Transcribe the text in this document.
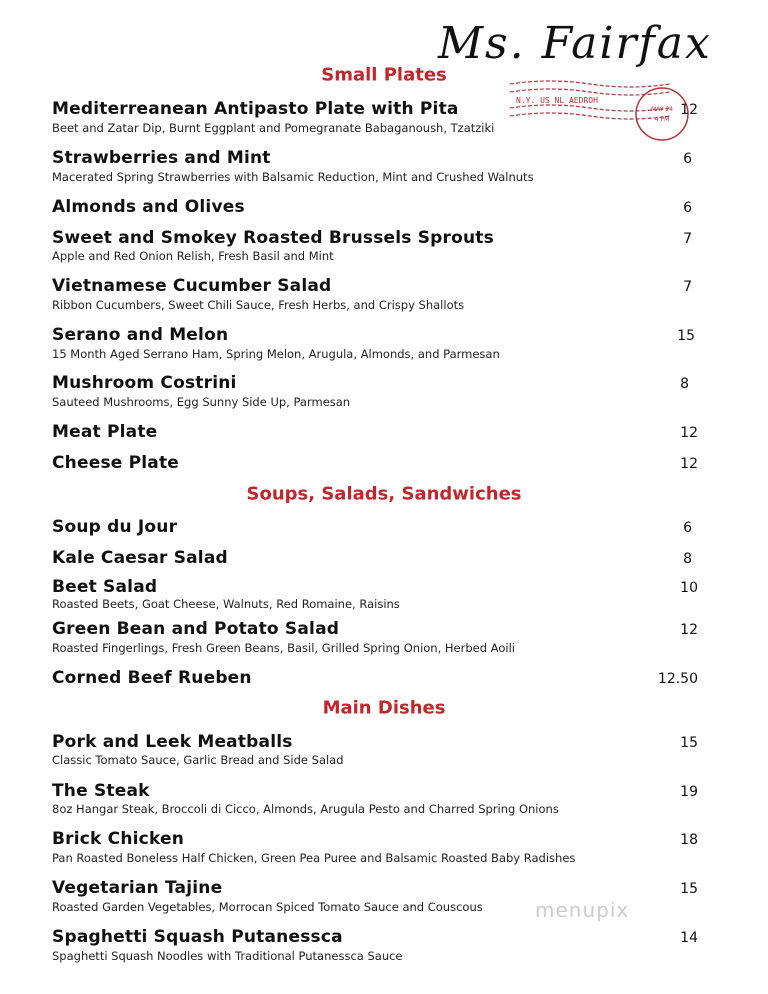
Ms. Fairfax
N.Y. US NL AEDROH
MAY 24
4 PM
Small Plates
Mediterreanean Antipasto Plate with Pita
Beet and Zatar Dip, Burnt Eggplant and Pomegranate Babaganoush, Tzatziki
12
Strawberries and Mint
Macerated Spring Strawberries with Balsamic Reduction, Mint and Crushed Walnuts
6
Almonds and Olives	6
Sweet and Smokey Roasted Brussels Sprouts
Apple and Red Onion Relish, Fresh Basil and Mint
7
Vietnamese Cucumber Salad
Ribbon Cucumbers, Sweet Chili Sauce, Fresh Herbs, and Crispy Shallots
7
Serano and Melon
15 Month Aged Serrano Ham, Spring Melon, Arugula, Almonds, and Parmesan
15
Mushroom Costrini
Sauteed Mushrooms, Egg Sunny Side Up, Parmesan
8
Meat Plate	12
Cheese Plate	12
Soups, Salads, Sandwiches
Soup du Jour	6
Kale Caesar Salad	8
Beet Salad
Roasted Beets, Goat Cheese, Walnuts, Red Romaine, Raisins
10
Green Bean and Potato Salad
Roasted Fingerlings, Fresh Green Beans, Basil, Grilled Spring Onion, Herbed Aoili
12
Corned Beef Rueben	12.50
Main Dishes
Pork and Leek Meatballs
Classic Tomato Sauce, Garlic Bread and Side Salad
15
The Steak
8oz Hangar Steak, Broccoli di Cicco, Almonds, Arugula Pesto and Charred Spring Onions
19
Brick Chicken
Pan Roasted Boneless Half Chicken, Green Pea Puree and Balsamic Roasted Baby Radishes
18
Vegetarian Tajine
Roasted Garden Vegetables, Morrocan Spiced Tomato Sauce and Couscous
15
Spaghetti Squash Putanessca
Spaghetti Squash Noodles with Traditional Putanessca Sauce
14
menupix
